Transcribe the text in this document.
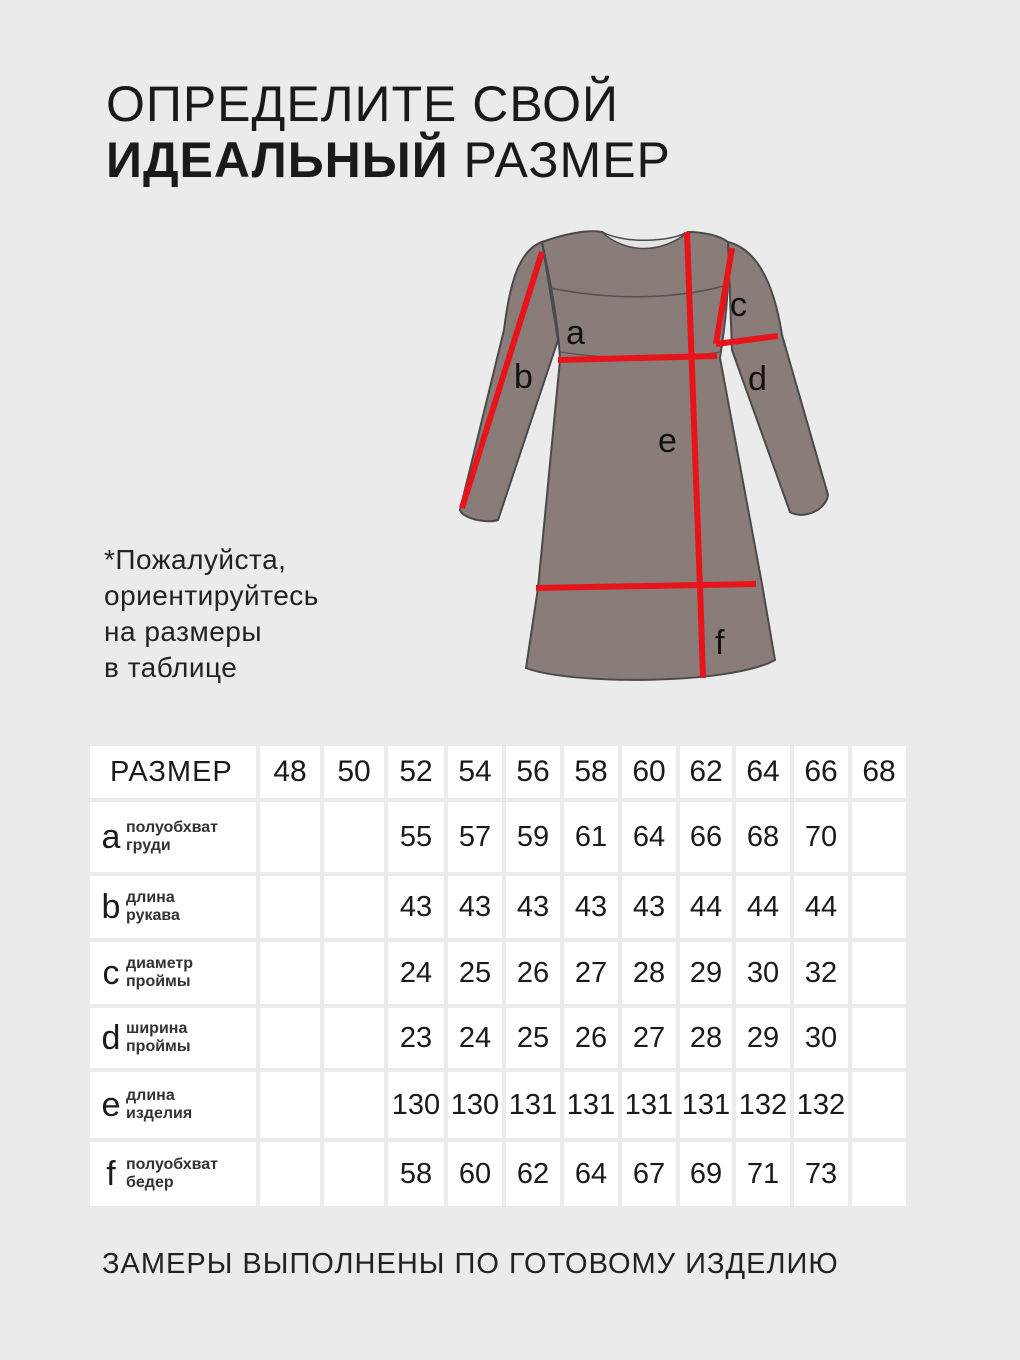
ОПРЕДЕЛИТЕ СВОЙ
ИДЕАЛЬНЫЙ РАЗМЕР
a
b
c
d
e
f
*Пожалуйста,
ориентируйтесь
на размеры
в таблице
РАЗМЕР	48	50	52	54	56	58	60	62	64	66	68
a полуобхват
груди			55	57	59	61	64	66	68	70	
b длина
рукава			43	43	43	43	43	44	44	44	
c диаметр
проймы			24	25	26	27	28	29	30	32	
d ширина
проймы			23	24	25	26	27	28	29	30	
e длина
изделия			130	130	131	131	131	131	132	132	
f полуобхват
бедер			58	60	62	64	67	69	71	73	
ЗАМЕРЫ ВЫПОЛНЕНЫ ПО ГОТОВОМУ ИЗДЕЛИЮ
